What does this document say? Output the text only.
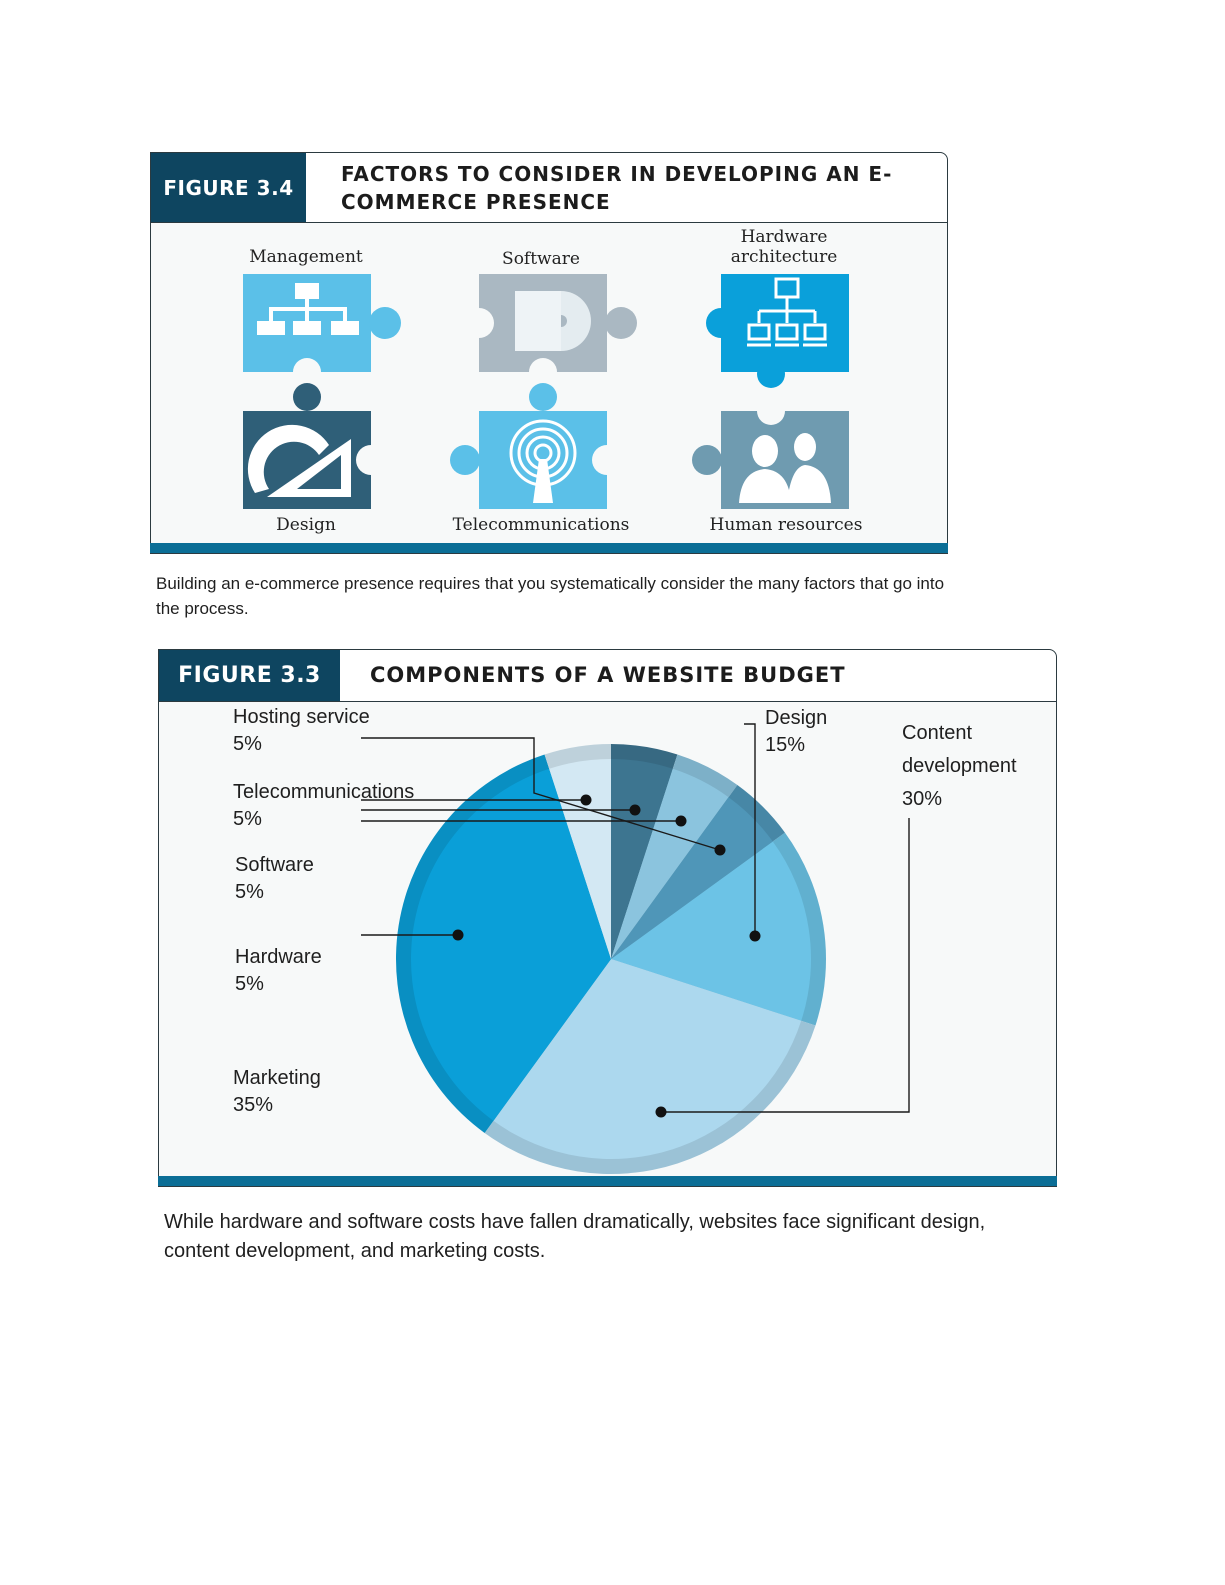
FIGURE 3.4
FACTORS TO CONSIDER IN DEVELOPING AN E-COMMERCE PRESENCE
Management	Software
Hardware architecture
Design	Telecommunications	Human resources
Building an e-commerce presence requires that you systematically consider the many factors that go into the process.
FIGURE 3.3	COMPONENTS OF A WEBSITE BUDGET
Hosting service
5%
Telecommunications
5%
Software
5%
Hardware
5%
Marketing
35%
Design
15%
Content development
30%
While hardware and software costs have fallen dramatically, websites face significant design, content development, and marketing costs.
